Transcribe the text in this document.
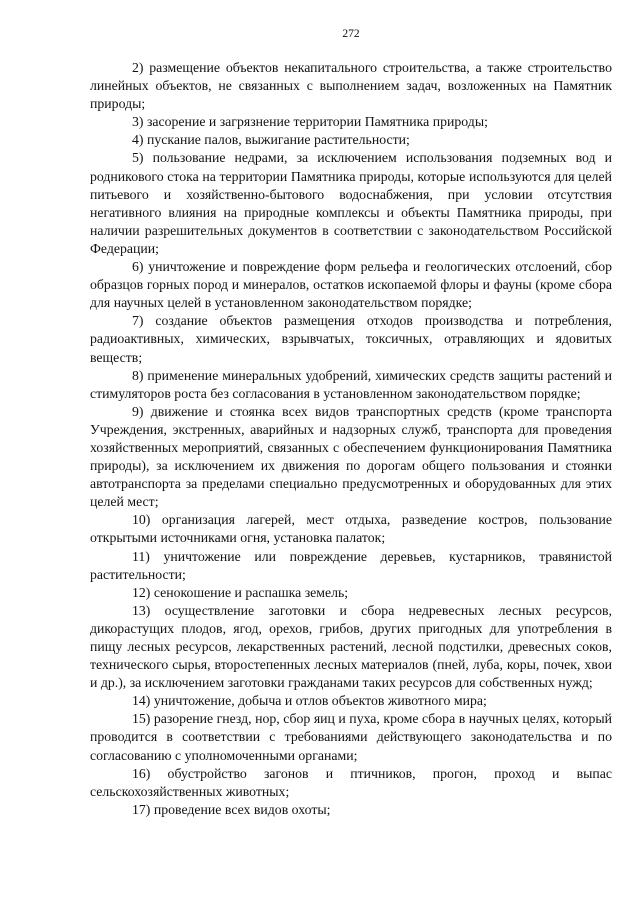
272

2) размещение объектов некапитального строительства, а также строительство линейных объектов, не связанных с выполнением задач, возложенных на Памятник природы;

3) засорение и загрязнение территории Памятника природы;

4) пускание палов, выжигание растительности;

5) пользование недрами, за исключением использования подземных вод и родникового стока на территории Памятника природы, которые используются для целей питьевого и хозяйственно-бытового водоснабжения, при условии отсутствия негативного влияния на природные комплексы и объекты Памятника природы, при наличии разрешительных документов в соответствии с законодательством Российской Федерации;

6) уничтожение и повреждение форм рельефа и геологических отслоений, сбор образцов горных пород и минералов, остатков ископаемой флоры и фауны (кроме сбора для научных целей в установленном законодательством порядке;

7) создание объектов размещения отходов производства и потребления, радиоактивных, химических, взрывчатых, токсичных, отравляющих и ядовитых веществ;

8) применение минеральных удобрений, химических средств защиты растений и стимуляторов роста без согласования в установленном законодательством порядке;

9) движение и стоянка всех видов транспортных средств (кроме транспорта Учреждения, экстренных, аварийных и надзорных служб, транспорта для проведения хозяйственных мероприятий, связанных с обеспечением функционирования Памятника природы), за исключением их движения по дорогам общего пользования и стоянки автотранспорта за пределами специально предусмотренных и оборудованных для этих целей мест;

10) организация лагерей, мест отдыха, разведение костров, пользование открытыми источниками огня, установка палаток;

11) уничтожение или повреждение деревьев, кустарников, травянистой растительности;

12) сенокошение и распашка земель;

13) осуществление заготовки и сбора недревесных лесных ресурсов, дикорастущих плодов, ягод, орехов, грибов, других пригодных для употребления в пищу лесных ресурсов, лекарственных растений, лесной подстилки, древесных соков, технического сырья, второстепенных лесных материалов (пней, луба, коры, почек, хвои и др.), за исключением заготовки гражданами таких ресурсов для собственных нужд;

14) уничтожение, добыча и отлов объектов животного мира;

15) разорение гнезд, нор, сбор яиц и пуха, кроме сбора в научных целях, который проводится в соответствии с требованиями действующего законодательства и по согласованию с уполномоченными органами;

16) обустройство загонов и птичников, прогон, проход и выпас сельскохозяйственных животных;

17) проведение всех видов охоты;
